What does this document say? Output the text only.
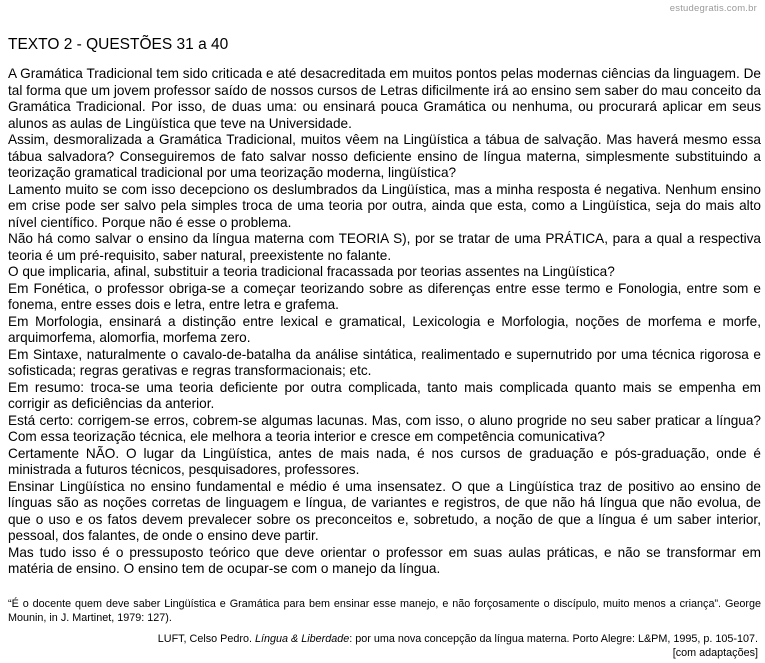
estudegratis.com.br
TEXTO 2 - QUESTÕES 31 a 40

A Gramática Tradicional tem sido criticada e até desacreditada em muitos pontos pelas modernas ciências da linguagem. De tal forma que um jovem professor saído de nossos cursos de Letras dificilmente irá ao ensino sem saber do mau conceito da Gramática Tradicional. Por isso, de duas uma: ou ensinará pouca Gramática ou nenhuma, ou procurará aplicar em seus alunos as aulas de Lingüística que teve na Universidade.

Assim, desmoralizada a Gramática Tradicional, muitos vêem na Lingüística a tábua de salvação. Mas haverá mesmo essa tábua salvadora? Conseguiremos de fato salvar nosso deficiente ensino de língua materna, simplesmente substituindo a teorização gramatical tradicional por uma teorização moderna, lingüística?

Lamento muito se com isso decepciono os deslumbrados da Lingüística, mas a minha resposta é negativa. Nenhum ensino em crise pode ser salvo pela simples troca de uma teoria por outra, ainda que esta, como a Lingüística, seja do mais alto nível científico. Porque não é esse o problema.

Não há como salvar o ensino da língua materna com TEORIA S), por se tratar de uma PRÁTICA, para a qual a respectiva teoria é um pré-requisito, saber natural, preexistente no falante.

O que implicaria, afinal, substituir a teoria tradicional fracassada por teorias assentes na Lingüística?

Em Fonética, o professor obriga-se a começar teorizando sobre as diferenças entre esse termo e Fonologia, entre som e fonema, entre esses dois e letra, entre letra e grafema.

Em Morfologia, ensinará a distinção entre lexical e gramatical, Lexicologia e Morfologia, noções de morfema e morfe, arquimorfema, alomorfia, morfema zero.

Em Sintaxe, naturalmente o cavalo-de-batalha da análise sintática, realimentado e supernutrido por uma técnica rigorosa e sofisticada; regras gerativas e regras transformacionais; etc.

Em resumo: troca-se uma teoria deficiente por outra complicada, tanto mais complicada quanto mais se empenha em corrigir as deficiências da anterior.

Está certo: corrigem-se erros, cobrem-se algumas lacunas. Mas, com isso, o aluno progride no seu saber praticar a língua? Com essa teorização técnica, ele melhora a teoria interior e cresce em competência comunicativa?

Certamente NÃO. O lugar da Lingüística, antes de mais nada, é nos cursos de graduação e pós-graduação, onde é ministrada a futuros técnicos, pesquisadores, professores.

Ensinar Lingüística no ensino fundamental e médio é uma insensatez. O que a Lingüística traz de positivo ao ensino de línguas são as noções corretas de linguagem e língua, de variantes e registros, de que não há língua que não evolua, de que o uso e os fatos devem prevalecer sobre os preconceitos e, sobretudo, a noção de que a língua é um saber interior, pessoal, dos falantes, de onde o ensino deve partir.

Mas tudo isso é o pressuposto teórico que deve orientar o professor em suas aulas práticas, e não se transformar em matéria de ensino. O ensino tem de ocupar-se com o manejo da língua.

“É o docente quem deve saber Lingüística e Gramática para bem ensinar esse manejo, e não forçosamente o discípulo, muito menos a criança”. George Mounin, in J. Martinet, 1979: 127).
LUFT, Celso Pedro. Língua & Liberdade: por uma nova concepção da língua materna. Porto Alegre: L&PM, 1995, p. 105-107.
[com adaptações]
